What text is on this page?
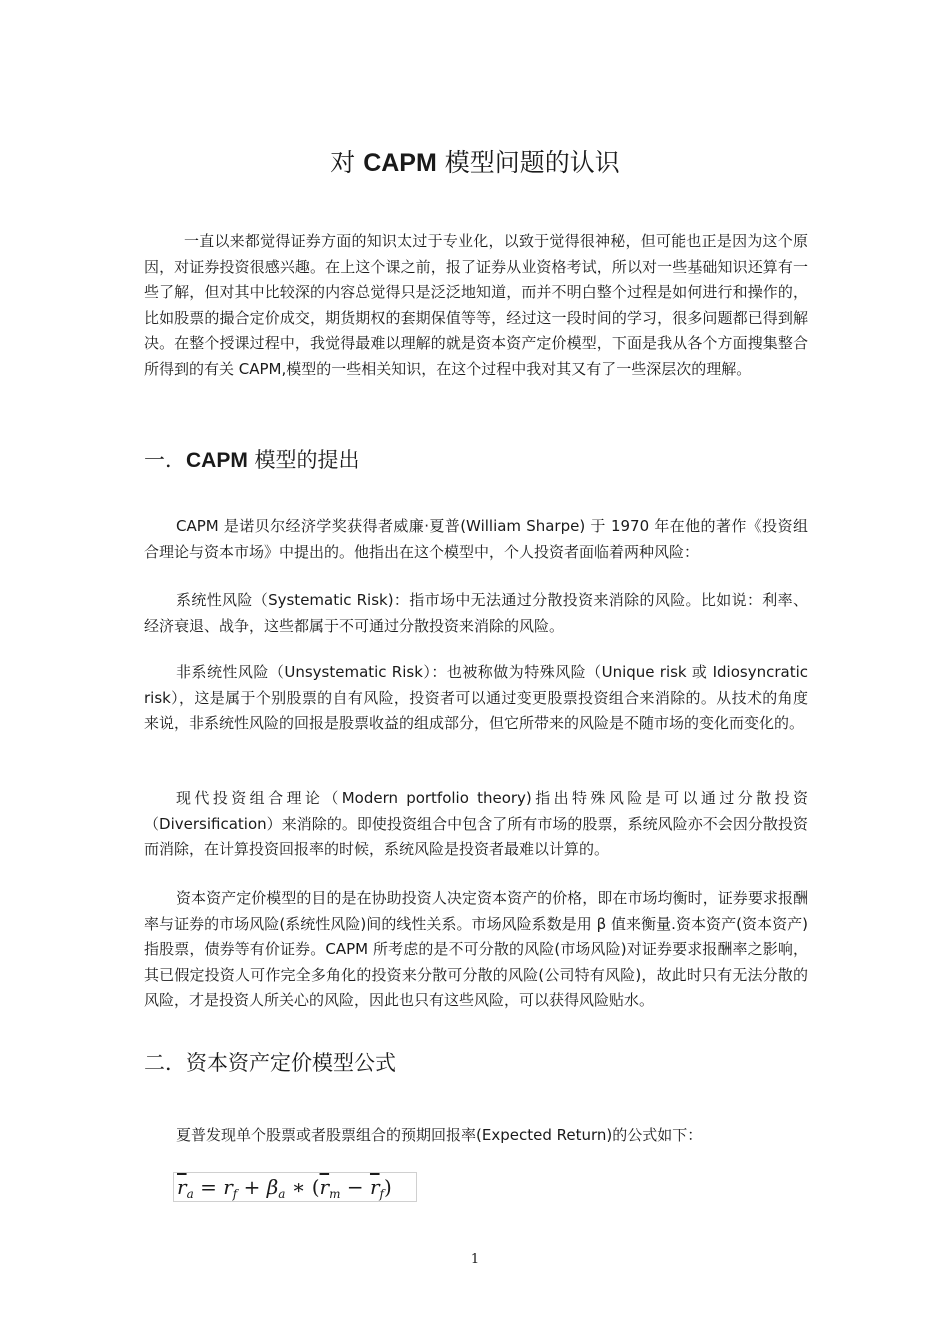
对 CAPM 模型问题的认识

一直以来都觉得证券方面的知识太过于专业化，以致于觉得很神秘，但可能也正是因为这个原因，对证券投资很感兴趣。在上这个课之前，报了证券从业资格考试，所以对一些基础知识还算有一些了解，但对其中比较深的内容总觉得只是泛泛地知道，而并不明白整个过程是如何进行和操作的，比如股票的撮合定价成交，期货期权的套期保值等等，经过这一段时间的学习，很多问题都已得到解决。在整个授课过程中，我觉得最难以理解的就是资本资产定价模型，下面是我从各个方面搜集整合所得到的有关 CAPM,模型的一些相关知识，在这个过程中我对其又有了一些深层次的理解。

一．CAPM 模型的提出

CAPM 是诺贝尔经济学奖获得者威廉·夏普(William Sharpe) 于 1970 年在他的著作《投资组合理论与资本市场》中提出的。他指出在这个模型中，个人投资者面临着两种风险：

系统性风险（Systematic Risk)：指市场中无法通过分散投资来消除的风险。比如说：利率、经济衰退、战争，这些都属于不可通过分散投资来消除的风险。

非系统性风险（Unsystematic Risk）：也被称做为特殊风险（Unique risk 或 Idiosyncratic risk），这是属于个别股票的自有风险，投资者可以通过变更股票投资组合来消除的。从技术的角度来说，非系统性风险的回报是股票收益的组成部分，但它所带来的风险是不随市场的变化而变化的。

现代投资组合理论（Modern portfolio theory)指出特殊风险是可以通过分散投资（Diversification）来消除的。即使投资组合中包含了所有市场的股票，系统风险亦不会因分散投资而消除，在计算投资回报率的时候，系统风险是投资者最难以计算的。

资本资产定价模型的目的是在协助投资人决定资本资产的价格，即在市场均衡时，证券要求报酬率与证券的市场风险(系统性风险)间的线性关系。市场风险系数是用 β 值来衡量.资本资产(资本资产)指股票，债券等有价证券。CAPM 所考虑的是不可分散的风险(市场风险)对证券要求报酬率之影响，其已假定投资人可作完全多角化的投资来分散可分散的风险(公司特有风险)，故此时只有无法分散的风险，才是投资人所关心的风险，因此也只有这些风险，可以获得风险贴水。

二．资本资产定价模型公式

夏普发现单个股票或者股票组合的预期回报率(Expected Return)的公式如下：

$\overline{r}_a = r_f + \beta_a$ ∗ $(\overline{r}_m - \overline{r}_f)$
1
